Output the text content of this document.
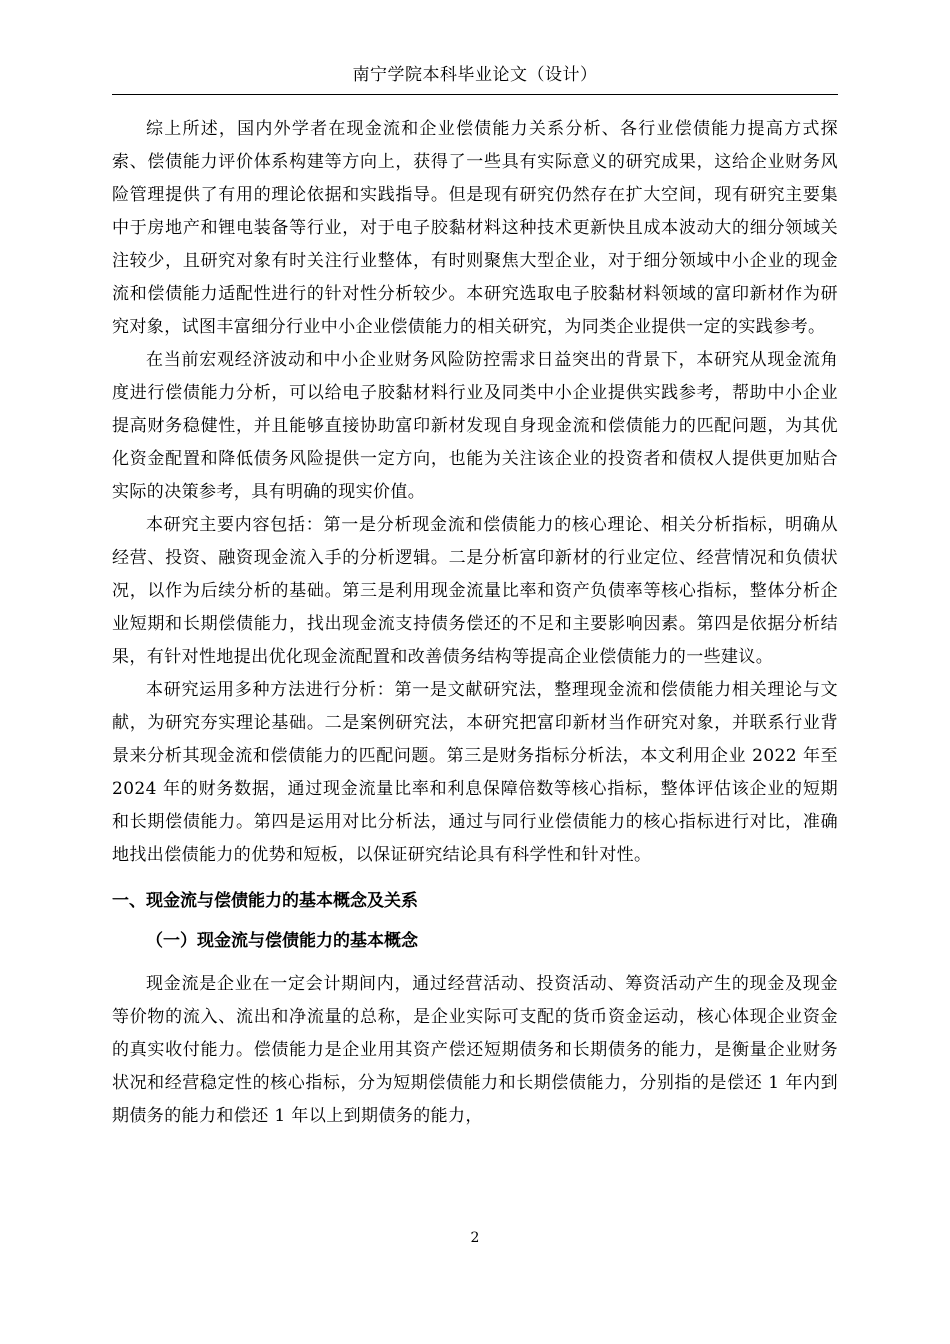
南宁学院本科毕业论文（设计）

综上所述，国内外学者在现金流和企业偿债能力关系分析、各行业偿债能力提高方式探索、偿债能力评价体系构建等方向上，获得了一些具有实际意义的研究成果，这给企业财务风险管理提供了有用的理论依据和实践指导。但是现有研究仍然存在扩大空间，现有研究主要集中于房地产和锂电装备等行业，对于电子胶黏材料这种技术更新快且成本波动大的细分领域关注较少，且研究对象有时关注行业整体，有时则聚焦大型企业，对于细分领域中小企业的现金流和偿债能力适配性进行的针对性分析较少。本研究选取电子胶黏材料领域的富印新材作为研究对象，试图丰富细分行业中小企业偿债能力的相关研究，为同类企业提供一定的实践参考。

在当前宏观经济波动和中小企业财务风险防控需求日益突出的背景下，本研究从现金流角度进行偿债能力分析，可以给电子胶黏材料行业及同类中小企业提供实践参考，帮助中小企业提高财务稳健性，并且能够直接协助富印新材发现自身现金流和偿债能力的匹配问题，为其优化资金配置和降低债务风险提供一定方向，也能为关注该企业的投资者和债权人提供更加贴合实际的决策参考，具有明确的现实价值。

本研究主要内容包括：第一是分析现金流和偿债能力的核心理论、相关分析指标，明确从经营、投资、融资现金流入手的分析逻辑。二是分析富印新材的行业定位、经营情况和负债状况，以作为后续分析的基础。第三是利用现金流量比率和资产负债率等核心指标，整体分析企业短期和长期偿债能力，找出现金流支持债务偿还的不足和主要影响因素。第四是依据分析结果，有针对性地提出优化现金流配置和改善债务结构等提高企业偿债能力的一些建议。

本研究运用多种方法进行分析：第一是文献研究法，整理现金流和偿债能力相关理论与文献，为研究夯实理论基础。二是案例研究法，本研究把富印新材当作研究对象，并联系行业背景来分析其现金流和偿债能力的匹配问题。第三是财务指标分析法，本文利用企业 2022 年至 2024 年的财务数据，通过现金流量比率和利息保障倍数等核心指标，整体评估该企业的短期和长期偿债能力。第四是运用对比分析法，通过与同行业偿债能力的核心指标进行对比，准确地找出偿债能力的优势和短板，以保证研究结论具有科学性和针对性。

一、现金流与偿债能力的基本概念及关系
（一）现金流与偿债能力的基本概念

现金流是企业在一定会计期间内，通过经营活动、投资活动、筹资活动产生的现金及现金等价物的流入、流出和净流量的总称，是企业实际可支配的货币资金运动，核心体现企业资金的真实收付能力。偿债能力是企业用其资产偿还短期债务和长期债务的能力，是衡量企业财务状况和经营稳定性的核心指标，分为短期偿债能力和长期偿债能力，分别指的是偿还 1 年内到期债务的能力和偿还 1 年以上到期债务的能力，

2
